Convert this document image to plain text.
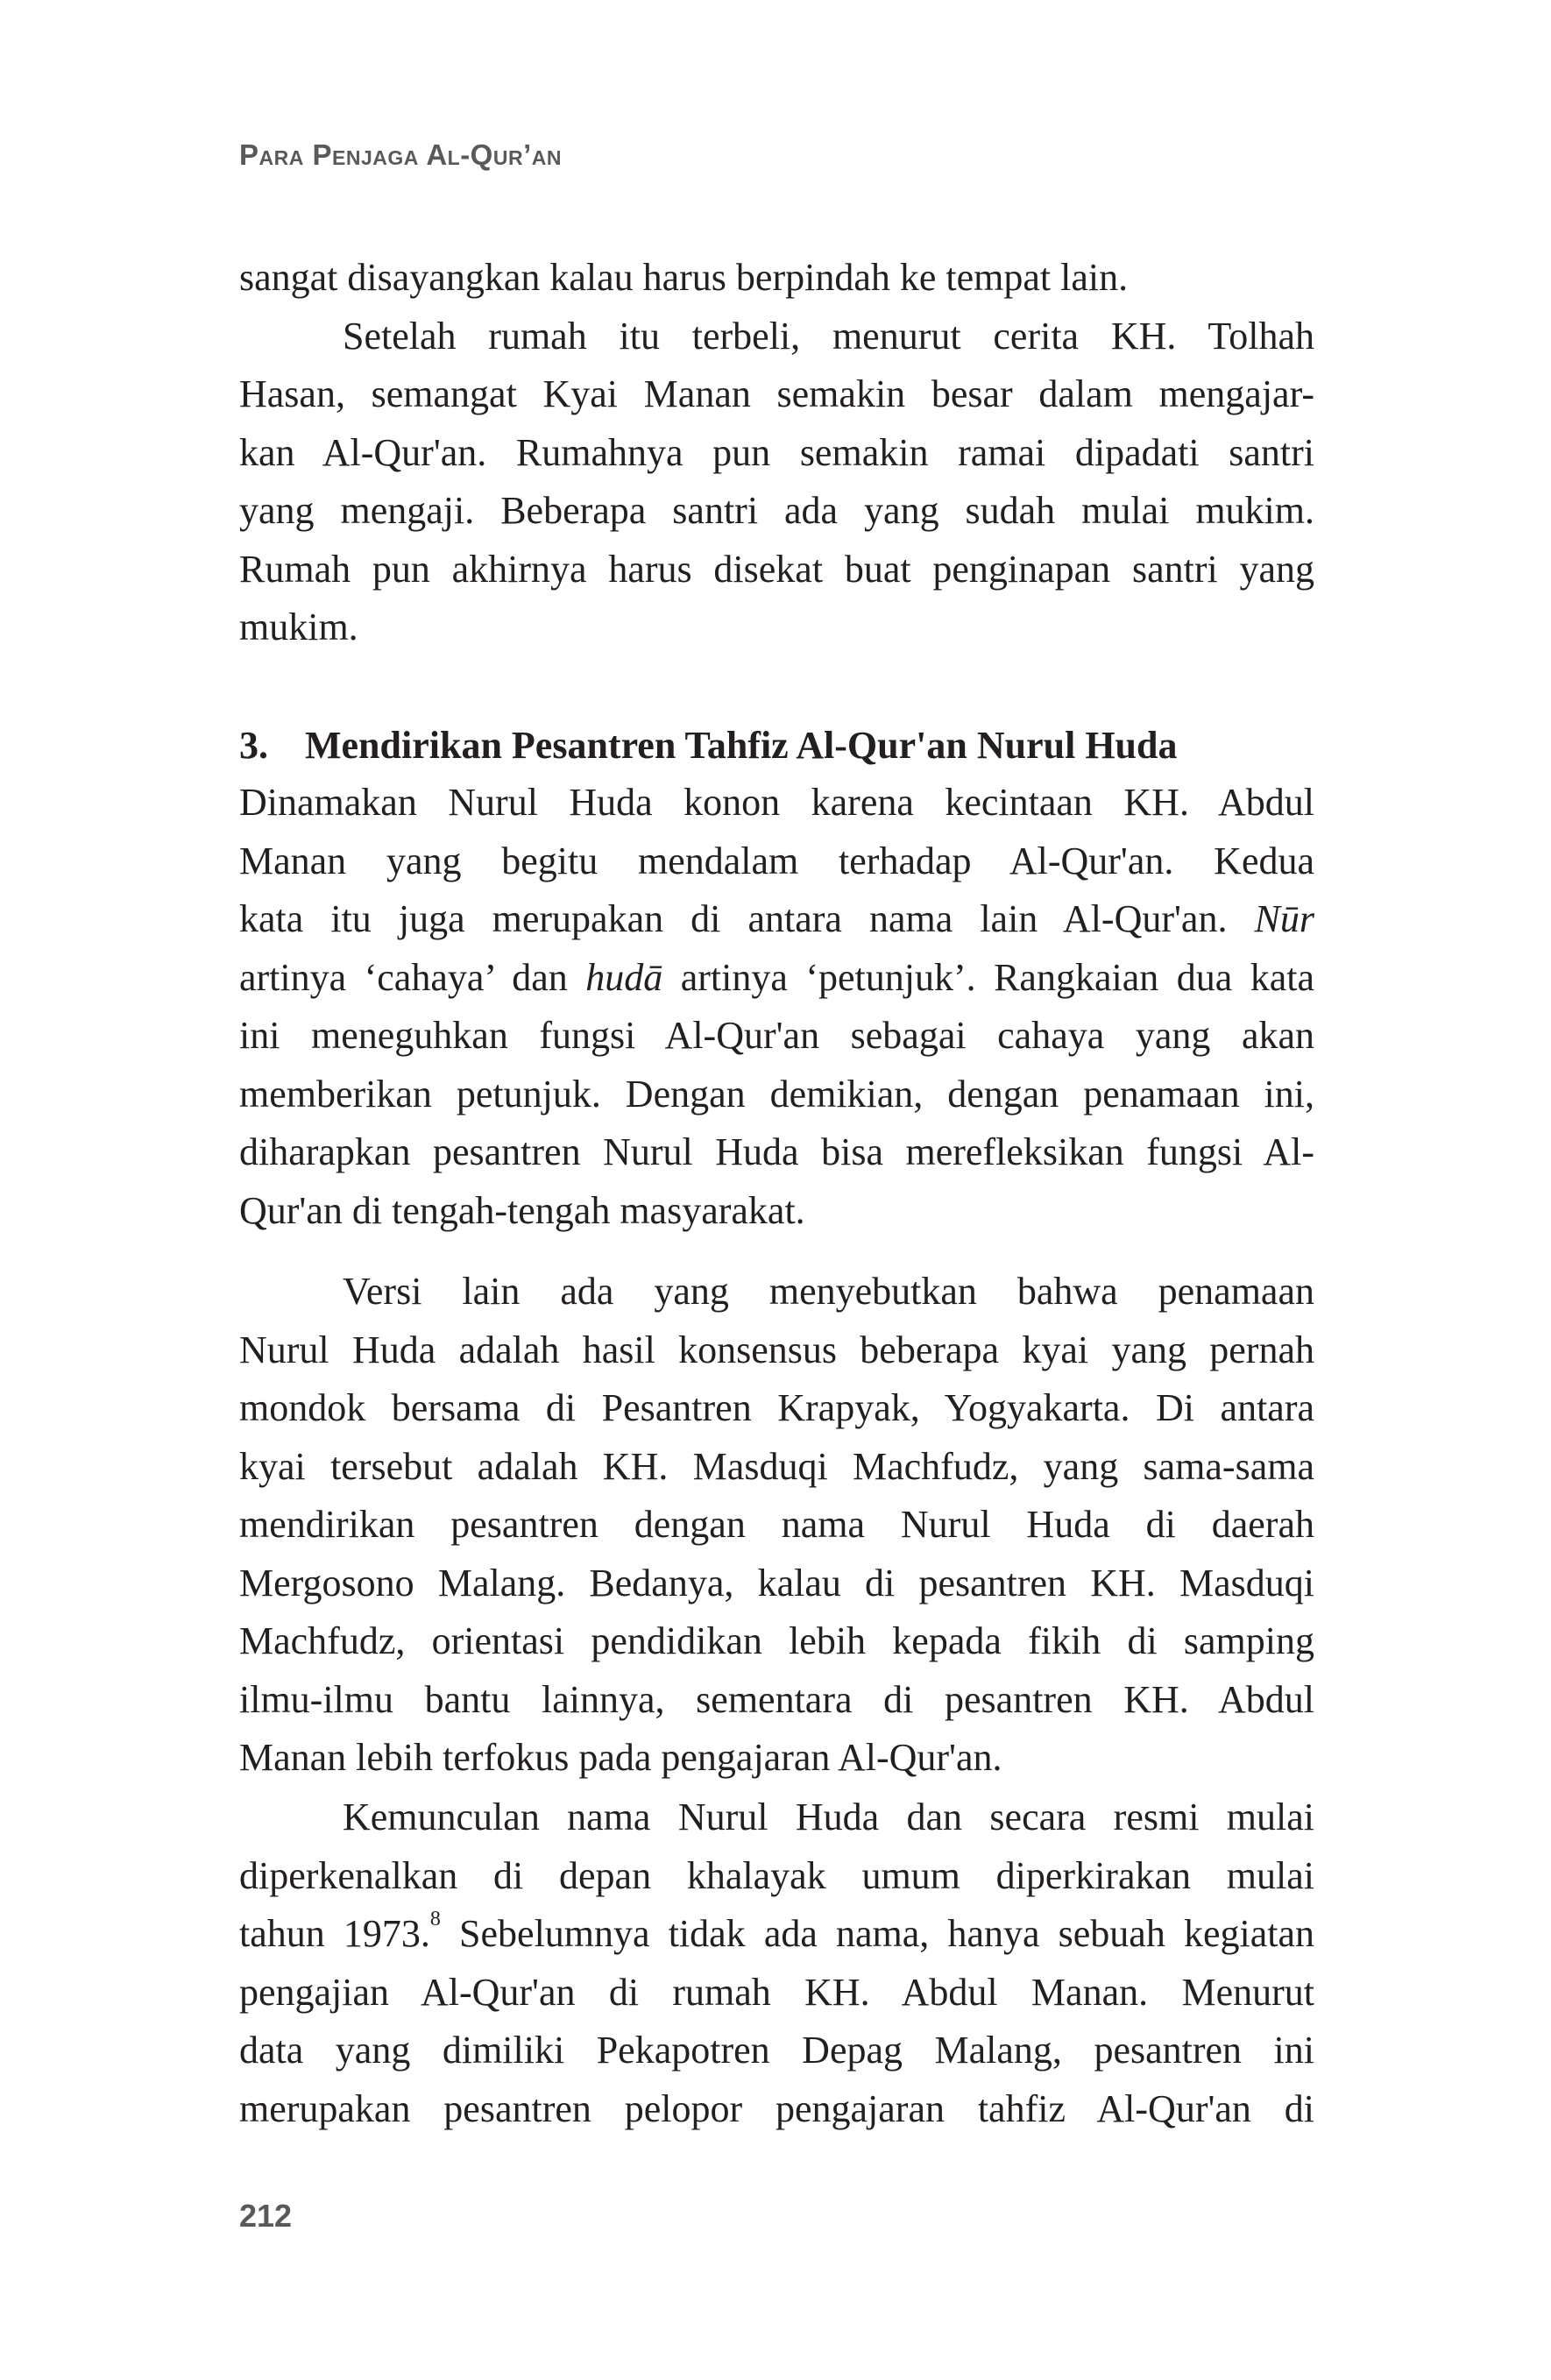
Para Penjaga Al-Qur’an
sangat disayangkan kalau harus berpindah ke tempat lain.
Setelah rumah itu terbeli, menurut cerita KH. Tolhah
Hasan, semangat Kyai Manan semakin besar dalam mengajar-
kan Al-Qur'an. Rumahnya pun semakin ramai dipadati santri
yang mengaji. Beberapa santri ada yang sudah mulai mukim.
Rumah pun akhirnya harus disekat buat penginapan santri yang
mukim.
3. Mendirikan Pesantren Tahfiz Al-Qur'an Nurul Huda
Dinamakan Nurul Huda konon karena kecintaan KH. Abdul
Manan yang begitu mendalam terhadap Al-Qur'an. Kedua
kata itu juga merupakan di antara nama lain Al-Qur'an. Nūr
artinya ‘cahaya’ dan hudā artinya ‘petunjuk’. Rangkaian dua kata
ini meneguhkan fungsi Al-Qur'an sebagai cahaya yang akan
memberikan petunjuk. Dengan demikian, dengan penamaan ini,
diharapkan pesantren Nurul Huda bisa merefleksikan fungsi Al-
Qur'an di tengah-tengah masyarakat.
Versi lain ada yang menyebutkan bahwa penamaan
Nurul Huda adalah hasil konsensus beberapa kyai yang pernah
mondok bersama di Pesantren Krapyak, Yogyakarta. Di antara
kyai tersebut adalah KH. Masduqi Machfudz, yang sama-sama
mendirikan pesantren dengan nama Nurul Huda di daerah
Mergosono Malang. Bedanya, kalau di pesantren KH. Masduqi
Machfudz, orientasi pendidikan lebih kepada fikih di samping
ilmu-ilmu bantu lainnya, sementara di pesantren KH. Abdul
Manan lebih terfokus pada pengajaran Al-Qur'an.
Kemunculan nama Nurul Huda dan secara resmi mulai
diperkenalkan di depan khalayak umum diperkirakan mulai
tahun 1973.$^8$ Sebelumnya tidak ada nama, hanya sebuah kegiatan
pengajian Al-Qur'an di rumah KH. Abdul Manan. Menurut
data yang dimiliki Pekapotren Depag Malang, pesantren ini
merupakan pesantren pelopor pengajaran tahfiz Al-Qur'an di
212
